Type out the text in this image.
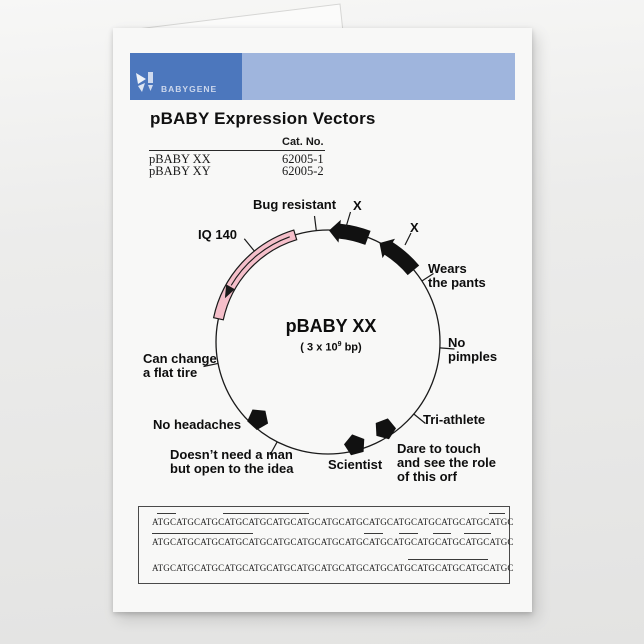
BABYGENE
pBABY Expression Vectors
Cat. No.
pBABY XX	62005-1
pBABY XY	62005-2
pBABY XX
( 3 x $10^9$ bp)
Bug resistant X
X
Wears
the pants
No
pimples
Tri-athlete
Dare to touch
and see the role
of this orf
Scientist
Doesn’t need a man
but open to the idea
No headaches
Can change
a flat tire
IQ 140
ATGCATGCATGCATGCATGCATGCATGCATGCATGCATGCATGCATGCATGCATGCATGC
ATGCATGCATGCATGCATGCATGCATGCATGCATGCATGCATGCATGCATGCATGCATGC
ATGCATGCATGCATGCATGCATGCATGCATGCATGCATGCATGCATGCATGCATGCATGC
